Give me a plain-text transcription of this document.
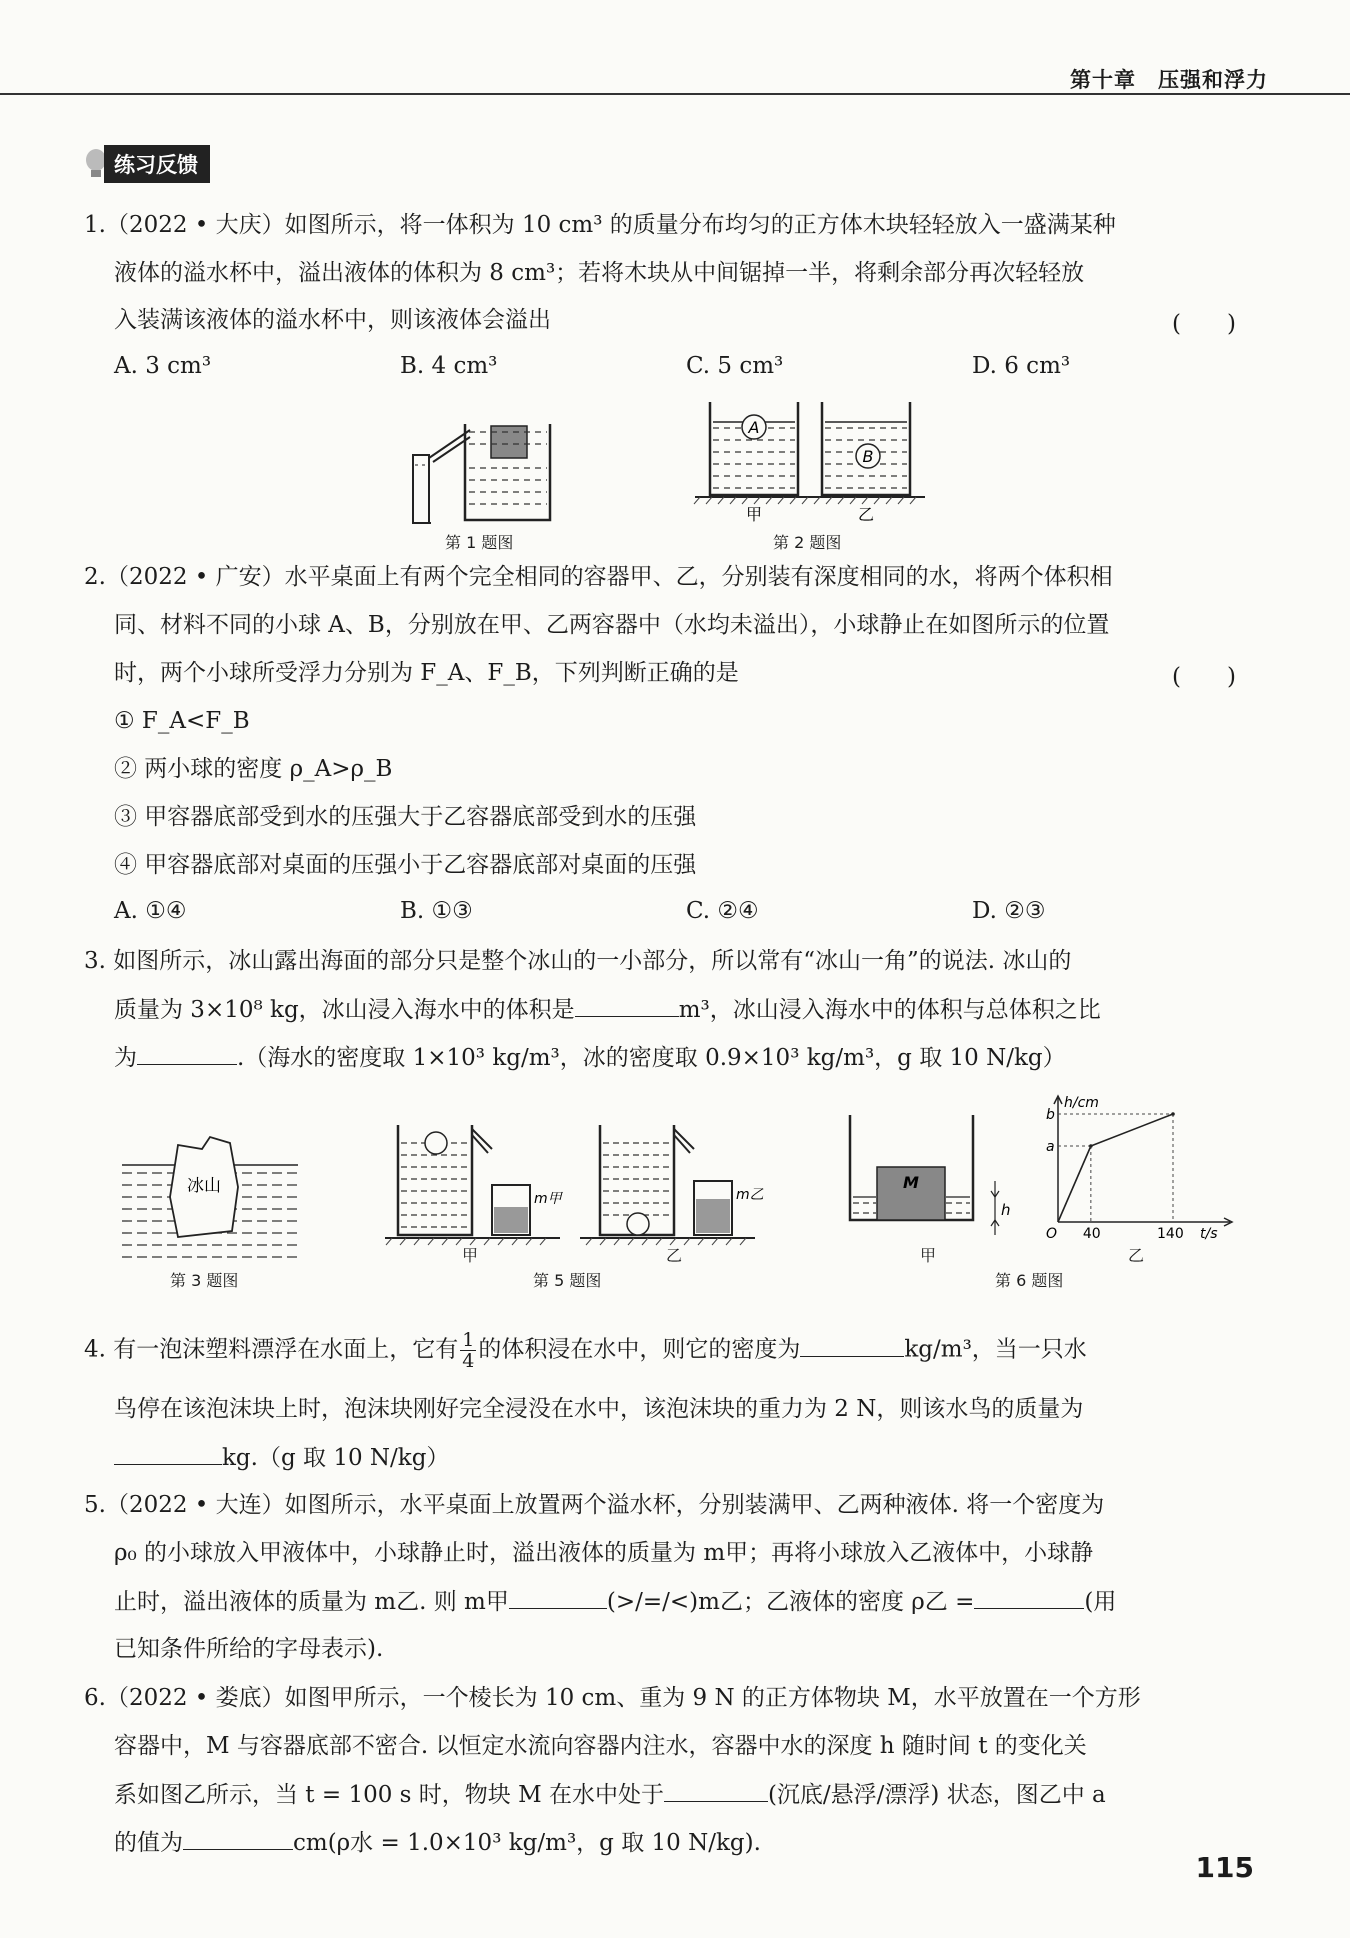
第十章 压强和浮力
练习反馈
1.（2022 • 大庆）如图所示，将一体积为 10 cm³ 的质量分布均匀的正方体木块轻轻放入一盛满某种
液体的溢水杯中，溢出液体的体积为 8 cm³；若将木块从中间锯掉一半，将剩余部分再次轻轻放
入装满该液体的溢水杯中，则该液体会溢出	(　　)
A. 3 cm³	B. 4 cm³	C. 5 cm³	D. 6 cm³
第 1 题图
A
B
甲	乙
第 2 题图
2.（2022 • 广安）水平桌面上有两个完全相同的容器甲、乙，分别装有深度相同的水，将两个体积相
同、材料不同的小球 A、B，分别放在甲、乙两容器中（水均未溢出），小球静止在如图所示的位置
时，两个小球所受浮力分别为 F_A、F_B，下列判断正确的是	(　　)
① F_A<F_B
② 两小球的密度 ρ_A>ρ_B
③ 甲容器底部受到水的压强大于乙容器底部受到水的压强
④ 甲容器底部对桌面的压强小于乙容器底部对桌面的压强
A. ①④	B. ①③	C. ②④	D. ②③
3. 如图所示，冰山露出海面的部分只是整个冰山的一小部分，所以常有“冰山一角”的说法. 冰山的
质量为 3×10⁸ kg，冰山浸入海水中的体积是	m³，冰山浸入海水中的体积与总体积之比
为	.（海水的密度取 1×10³ kg/m³，冰的密度取 0.9×10³ kg/m³，g 取 10 N/kg）
冰山
第 3 题图
m甲	m乙
甲	乙
第 5 题图
M
h
甲
a
b
40	140
h/cm
t/s
O
乙
第 6 题图
4. 有一泡沫塑料漂浮在水面上，它有 $\frac{1}{4}$ 的体积浸在水中，则它的密度为	kg/m³，当一只水
鸟停在该泡沫块上时，泡沫块刚好完全浸没在水中，该泡沫块的重力为 2 N，则该水鸟的质量为
kg.（g 取 10 N/kg）
5.（2022 • 大连）如图所示，水平桌面上放置两个溢水杯，分别装满甲、乙两种液体. 将一个密度为
ρ₀ 的小球放入甲液体中，小球静止时，溢出液体的质量为 m甲；再将小球放入乙液体中，小球静
止时，溢出液体的质量为 m乙. 则 m甲	(>/=/<)m乙；乙液体的密度 ρ乙 =	(用
已知条件所给的字母表示).
6.（2022 • 娄底）如图甲所示，一个棱长为 10 cm、重为 9 N 的正方体物块 M，水平放置在一个方形
容器中，M 与容器底部不密合. 以恒定水流向容器内注水，容器中水的深度 h 随时间 t 的变化关
系如图乙所示，当 t = 100 s 时，物块 M 在水中处于	(沉底/悬浮/漂浮) 状态，图乙中 a
的值为	cm(ρ水 = 1.0×10³ kg/m³，g 取 10 N/kg).
115
